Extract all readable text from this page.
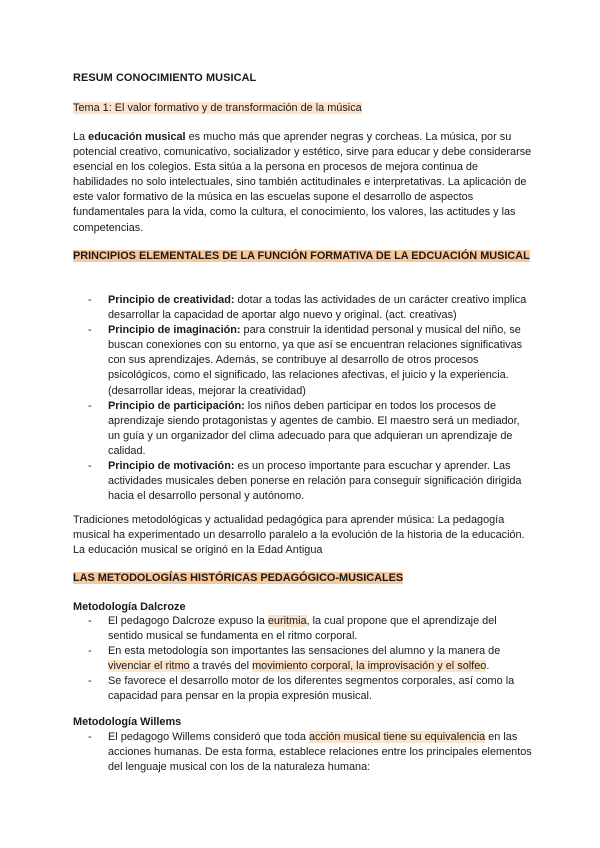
RESUM CONOCIMIENTO MUSICAL
Tema 1: El valor formativo y de transformación de la música

La educación musical es mucho más que aprender negras y corcheas. La música, por su potencial creativo, comunicativo, socializador y estético, sirve para educar y debe considerarse esencial en los colegios. Esta sitúa a la persona en procesos de mejora continua de habilidades no solo intelectuales, sino también actitudinales e interpretativas. La aplicación de este valor formativo de la música en las escuelas supone el desarrollo de aspectos fundamentales para la vida, como la cultura, el conocimiento, los valores, las actitudes y las competencias.

PRINCIPIOS ELEMENTALES DE LA FUNCIÓN FORMATIVA DE LA EDCUACIÓN MUSICAL
- Principio de creatividad: dotar a todas las actividades de un carácter creativo implica desarrollar la capacidad de aportar algo nuevo y original. (act. creativas)
- Principio de imaginación: para construir la identidad personal y musical del niño, se buscan conexiones con su entorno, ya que así se encuentran relaciones significativas con sus aprendizajes. Además, se contribuye al desarrollo de otros procesos psicológicos, como el significado, las relaciones afectivas, el juicio y la experiencia. (desarrollar ideas, mejorar la creatividad)
- Principio de participación: los niños deben participar en todos los procesos de aprendizaje siendo protagonistas y agentes de cambio. El maestro será un mediador, un guía y un organizador del clima adecuado para que adquieran un aprendizaje de calidad.
- Principio de motivación: es un proceso importante para escuchar y aprender. Las actividades musicales deben ponerse en relación para conseguir significación dirigida hacia el desarrollo personal y autónomo.

Tradiciones metodológicas y actualidad pedagógica para aprender música: La pedagogía musical ha experimentado un desarrollo paralelo a la evolución de la historia de la educación. La educación musical se originó en la Edad Antigua

LAS METODOLOGÍAS HISTÓRICAS PEDAGÓGICO-MUSICALES
Metodología Dalcroze
- El pedagogo Dalcroze expuso la euritmia, la cual propone que el aprendizaje del sentido musical se fundamenta en el ritmo corporal.
- En esta metodología son importantes las sensaciones del alumno y la manera de vivenciar el ritmo a través del movimiento corporal, la improvisación y el solfeo.
- Se favorece el desarrollo motor de los diferentes segmentos corporales, así como la capacidad para pensar en la propia expresión musical.
Metodología Willems
- El pedagogo Willems consideró que toda acción musical tiene su equivalencia en las acciones humanas. De esta forma, establece relaciones entre los principales elementos del lenguaje musical con los de la naturaleza humana:
